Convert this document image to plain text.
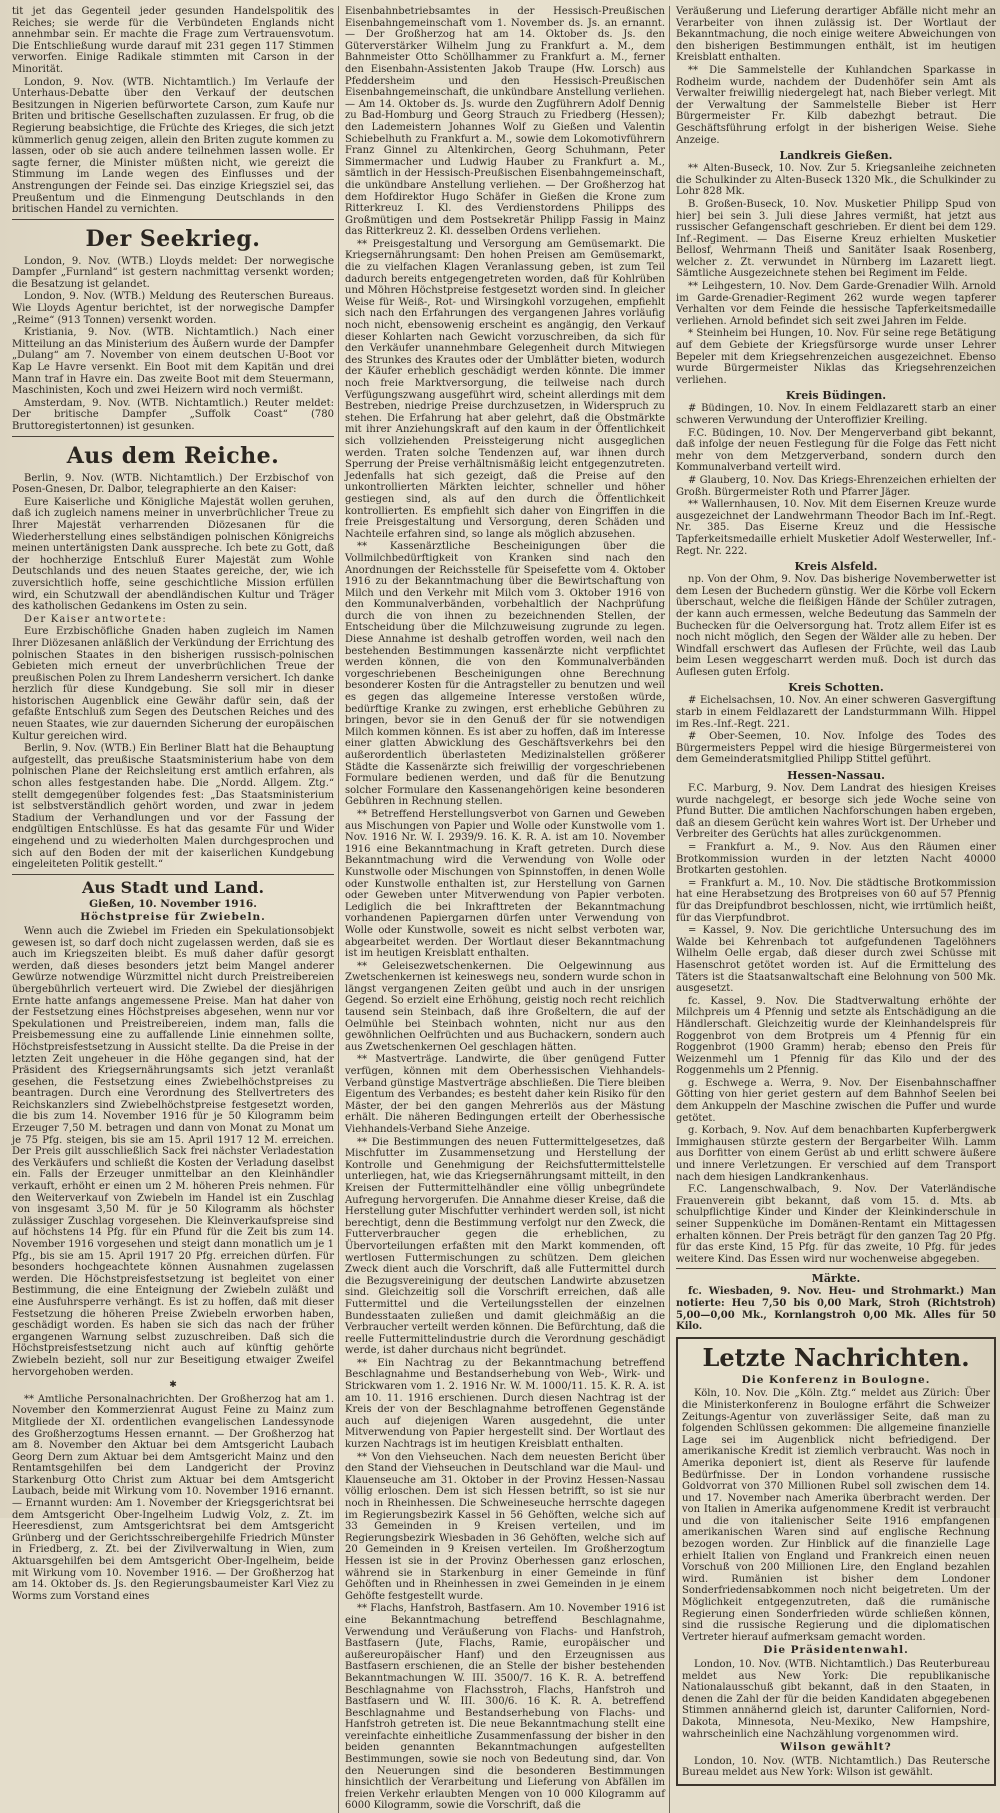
tit jet das Gegenteil jeder gesunden Handelspolitik des Reiches; sie werde für die Verbündeten Englands nicht annehmbar sein. Er machte die Frage zum Vertrauensvotum. Die Entschließung wurde darauf mit 231 gegen 117 Stimmen verworfen. Einige Radikale stimmten mit Carson in der Minorität.

London, 9. Nov. (WTB. Nichtamtlich.) Im Verlaufe der Unterhaus-Debatte über den Verkauf der deutschen Besitzungen in Nigerien befürwortete Carson, zum Kaufe nur Briten und britische Gesellschaften zuzulassen. Er frug, ob die Regierung beabsichtige, die Früchte des Krieges, die sich jetzt kümmerlich genug zeigen, allein den Briten zugute kommen zu lassen, oder ob sie auch andere teilnehmen lassen wolle. Er sagte ferner, die Minister müßten nicht, wie gereizt die Stimmung im Lande wegen des Einflusses und der Anstrengungen der Feinde sei. Das einzige Kriegsziel sei, das Preußentum und die Einmengung Deutschlands in den britischen Handel zu vernichten.

Der Seekrieg.

London, 9. Nov. (WTB.) Lloyds meldet: Der norwegische Dampfer „Furnland“ ist gestern nachmittag versenkt worden; die Besatzung ist gelandet.

London, 9. Nov. (WTB.) Meldung des Reuterschen Bureaus. Wie Lloyds Agentur berichtet, ist der norwegische Dampfer „Reime“ (913 Tonnen) versenkt worden.

Kristiania, 9. Nov. (WTB. Nichtamtlich.) Nach einer Mitteilung an das Ministerium des Äußern wurde der Dampfer „Dulang“ am 7. November von einem deutschen U-Boot vor Kap Le Havre versenkt. Ein Boot mit dem Kapitän und drei Mann traf in Havre ein. Das zweite Boot mit dem Steuermann, Maschinisten, Koch und zwei Heizern wird noch vermißt.

Amsterdam, 9. Nov. (WTB. Nichtamtlich.) Reuter meldet: Der britische Dampfer „Suffolk Coast“ (780 Bruttoregistertonnen) ist gesunken.

Aus dem Reiche.

Berlin, 9. Nov. (WTB. Nichtamtlich.) Der Erzbischof von Posen-Gnesen, Dr. Dalbor, telegraphierte an den Kaiser:

Eure Kaiserliche und Königliche Majestät wollen geruhen, daß ich zugleich namens meiner in unverbrüchlicher Treue zu Ihrer Majestät verharrenden Diözesanen für die Wiederherstellung eines selbständigen polnischen Königreichs meinen untertänigsten Dank ausspreche. Ich bete zu Gott, daß der hochherzige Entschluß Eurer Majestät zum Wohle Deutschlands und des neuen Staates gereiche, der, wie ich zuversichtlich hoffe, seine geschichtliche Mission erfüllen wird, ein Schutzwall der abendländischen Kultur und Träger des katholischen Gedankens im Osten zu sein.

Der Kaiser antwortete:

Eure Erzbischöfliche Gnaden haben zugleich im Namen Ihrer Diözesanen anläßlich der Verkündung der Errichtung des polnischen Staates in den bisherigen russisch-polnischen Gebieten mich erneut der unverbrüchlichen Treue der preußischen Polen zu Ihrem Landesherrn versichert. Ich danke herzlich für diese Kundgebung. Sie soll mir in dieser historischen Augenblick eine Gewähr dafür sein, daß der gefaßte Entschluß zum Segen des Deutschen Reiches und des neuen Staates, wie zur dauernden Sicherung der europäischen Kultur gereichen wird.

Berlin, 9. Nov. (WTB.) Ein Berliner Blatt hat die Behauptung aufgestellt, das preußische Staatsministerium habe von dem polnischen Plane der Reichsleitung erst amtlich erfahren, als schon alles festgestanden habe. Die „Nordd. Allgem. Ztg.“ stellt demgegenüber folgendes fest: „Das Staatsministerium ist selbstverständlich gehört worden, und zwar in jedem Stadium der Verhandlungen und vor der Fassung der endgültigen Entschlüsse. Es hat das gesamte Für und Wider eingehend und zu wiederholten Malen durchgesprochen und sich auf den Boden der mit der kaiserlichen Kundgebung eingeleiteten Politik gestellt.“

Aus Stadt und Land.
Gießen, 10. November 1916.
Höchstpreise für Zwiebeln.

Wenn auch die Zwiebel im Frieden ein Spekulationsobjekt gewesen ist, so darf doch nicht zugelassen werden, daß sie es auch im Kriegszeiten bleibt. Es muß daher dafür gesorgt werden, daß dieses besonders jetzt beim Mangel anderer Gewürze notwendige Würzmittel nicht durch Preistreibereien übergebührlich verteuert wird. Die Zwiebel der diesjährigen Ernte hatte anfangs angemessene Preise. Man hat daher von der Festsetzung eines Höchstpreises abgesehen, wenn nur vor Spekulationen und Preistreibereien, indem man, falls die Preisbemessung eine zu auffallende Linie einnehmen sollte, Höchstpreisfestsetzung in Aussicht stellte. Da die Preise in der letzten Zeit ungeheuer in die Höhe gegangen sind, hat der Präsident des Kriegsernährungsamts sich jetzt veranlaßt gesehen, die Festsetzung eines Zwiebelhöchstpreises zu beantragen. Durch eine Verordnung des Stellvertreters des Reichskanzlers sind Zwiebelhöchstpreise festgesetzt worden, die bis zum 14. November 1916 für je 50 Kilogramm beim Erzeuger 7,50 M. betragen und dann von Monat zu Monat um je 75 Pfg. steigen, bis sie am 15. April 1917 12 M. erreichen. Der Preis gilt ausschließlich Sack frei nächster Verladestation des Verkäufers und schließt die Kosten der Verladung daselbst ein. Falls der Erzeuger unmittelbar an den Kleinhändler verkauft, erhöht er einen um 2 M. höheren Preis nehmen. Für den Weiterverkauf von Zwiebeln im Handel ist ein Zuschlag von insgesamt 3,50 M. für je 50 Kilogramm als höchster zulässiger Zuschlag vorgesehen. Die Kleinverkaufspreise sind auf höchstens 14 Pfg. für ein Pfund für die Zeit bis zum 14. November 1916 vorgesehen und steigt dann monatlich um je 1 Pfg., bis sie am 15. April 1917 20 Pfg. erreichen dürfen. Für besonders hochgeachtete können Ausnahmen zugelassen werden. Die Höchstpreisfestsetzung ist begleitet von einer Bestimmung, die eine Enteignung der Zwiebeln zuläßt und eine Ausfuhrsperre verhängt. Es ist zu hoffen, daß mit dieser Festsetzung die höheren Preise Zwiebeln erworben haben, geschädigt worden. Es haben sie sich das nach der früher ergangenen Warnung selbst zuzuschreiben. Daß sich die Höchstpreisfestsetzung nicht auch auf künftig gehörte Zwiebeln bezieht, soll nur zur Beseitigung etwaiger Zweifel hervorgehoben werden.

✱

** Amtliche Personalnachrichten. Der Großherzog hat am 1. November den Kommerzienrat August Feine zu Mainz zum Mitgliede der XI. ordentlichen evangelischen Landessynode des Großherzogtums Hessen ernannt. — Der Großherzog hat am 8. November den Aktuar bei dem Amtsgericht Laubach Georg Dern zum Aktuar bei dem Amtsgericht Mainz und den Rentamtsgehilfen bei dem Landgericht der Provinz Starkenburg Otto Christ zum Aktuar bei dem Amtsgericht Laubach, beide mit Wirkung vom 10. November 1916 ernannt. — Ernannt wurden: Am 1. November der Kriegsgerichtsrat bei dem Amtsgericht Ober-Ingelheim Ludwig Volz, z. Zt. im Heeresdienst, zum Amtsgerichtsrat bei dem Amtsgericht Grünberg und der Gerichtsschreibergehilfe Friedrich Münster in Friedberg, z. Zt. bei der Zivilverwaltung in Wien, zum Aktuarsgehilfen bei dem Amtsgericht Ober-Ingelheim, beide mit Wirkung vom 10. November 1916. — Der Großherzog hat am 14. Oktober ds. Js. den Regierungsbaumeister Karl Viez zu Worms zum Vorstand eines

Eisenbahnbetriebsamtes in der Hessisch-Preußischen Eisenbahngemeinschaft vom 1. November ds. Js. an ernannt. — Der Großherzog hat am 14. Oktober ds. Js. den Güterverstärker Wilhelm Jung zu Frankfurt a. M., dem Bahnmeister Otto Schöllhammer zu Frankfurt a. M., ferner den Eisenbahn-Assistenten Jakob Traupe (Hw. Lorsch) aus Pfeddersheim und den Hessisch-Preußischen Eisenbahngemeinschaft, die unkündbare Anstellung verliehen. — Am 14. Oktober ds. Js. wurde den Zugführern Adolf Dennig zu Bad-Homburg und Georg Strauch zu Friedberg (Hessen); den Lademeistern Johannes Wolf zu Gießen und Valentin Schiebelhuth zu Frankfurt a. M., sowie dem Lokomotivführern Franz Ginnel zu Altenkirchen, Georg Schuhmann, Peter Simmermacher und Ludwig Hauber zu Frankfurt a. M., sämtlich in der Hessisch-Preußischen Eisenbahngemeinschaft, die unkündbare Anstellung verliehen. — Der Großherzog hat dem Hofdirektor Hugo Schäfer in Gießen die Krone zum Ritterkreuz I. Kl. des Verdienstordens Philipps des Großmütigen und dem Postsekretär Philipp Fassig in Mainz das Ritterkreuz 2. Kl. desselben Ordens verliehen.

** Preisgestaltung und Versorgung am Gemüsemarkt. Die Kriegsernährungsamt: Den hohen Preisen am Gemüsemarkt, die zu vielfachen Klagen Veranlassung geben, ist zum Teil dadurch bereits entgegengetreten worden, daß für Kohlrüben und Möhren Höchstpreise festgesetzt worden sind. In gleicher Weise für Weiß-, Rot- und Wirsingkohl vorzugehen, empfiehlt sich nach den Erfahrungen des vergangenen Jahres vorläufig noch nicht, ebensowenig erscheint es angängig, den Verkauf dieser Kohlarten nach Gewicht vorzuschreiben, da sich für den Verkäufer unannehmbare Gelegenheit durch Mitwiegen des Strunkes des Krautes oder der Umblätter bieten, wodurch der Käufer erheblich geschädigt werden könnte. Die immer noch freie Marktversorgung, die teilweise nach durch Verfügungszwang ausgeführt wird, scheint allerdings mit dem Bestreben, niedrige Preise durchzusetzen, in Widerspruch zu stehen. Die Erfahrung hat aber gelehrt, daß die Obstmärkte mit ihrer Anziehungskraft auf den kaum in der Öffentlichkeit sich vollziehenden Preissteigerung nicht ausgeglichen werden. Traten solche Tendenzen auf, war ihnen durch Sperrung der Preise verhältnismäßig leicht entgegenzutreten. Jedenfalls hat sich gezeigt, daß die Preise auf den unkontrollierten Märkten leichter, schneller und höher gestiegen sind, als auf den durch die Öffentlichkeit kontrollierten. Es empfiehlt sich daher von Eingriffen in die freie Preisgestaltung und Versorgung, deren Schäden und Nachteile erfahren sind, so lange als möglich abzusehen.

** Kassenärztliche Bescheinigungen über die Vollmilchbedürftigkeit von Kranken sind nach den Anordnungen der Reichsstelle für Speisefette vom 4. Oktober 1916 zu der Bekanntmachung über die Bewirtschaftung von Milch und den Verkehr mit Milch vom 3. Oktober 1916 von den Kommunalverbänden, vorbehaltlich der Nachprüfung durch die von ihnen zu bezeichnenden Stellen, der Entscheidung über die Milchzuweisung zugrunde zu legen. Diese Annahme ist deshalb getroffen worden, weil nach den bestehenden Bestimmungen kassenärzte nicht verpflichtet werden können, die von den Kommunalverbänden vorgeschriebenen Bescheinigungen ohne Berechnung besonderer Kosten für die Antragsteller zu benutzen und weil es gegen das allgemeine Interesse verstoßen würde, bedürftige Kranke zu zwingen, erst erhebliche Gebühren zu bringen, bevor sie in den Genuß der für sie notwendigen Milch kommen können. Es ist aber zu hoffen, daß im Interesse einer glatten Abwicklung des Geschäftsverkehrs bei den außerordentlich überlasteten Medizinalstellen größerer Städte die Kassenärzte sich freiwillig der vorgeschriebenen Formulare bedienen werden, und daß für die Benutzung solcher Formulare den Kassenangehörigen keine besonderen Gebühren in Rechnung stellen.

** Betreffend Herstellungsverbot von Garnen und Geweben aus Mischungen von Papier und Wolle oder Kunstwolle vom 1. Nov. 1916 Nr. W. I. 2939/9. 16. K. R. A. ist am 10. November 1916 eine Bekanntmachung in Kraft getreten. Durch diese Bekanntmachung wird die Verwendung von Wolle oder Kunstwolle oder Mischungen von Spinnstoffen, in denen Wolle oder Kunstwolle enthalten ist, zur Herstellung von Garnen oder Geweben unter Mitverwendung von Papier verboten. Lediglich die bei Inkrafttreten der Bekanntmachung vorhandenen Papiergarnen dürfen unter Verwendung von Wolle oder Kunstwolle, soweit es nicht selbst verboten war, abgearbeitet werden. Der Wortlaut dieser Bekanntmachung ist im heutigen Kreisblatt enthalten.

** Geleisezwetschenkernen. Die Oelgewinnung aus Zwetschenkernen ist keineswegs neu, sondern wurde schon in längst vergangenen Zeiten geübt und auch in der unsrigen Gegend. So erzielt eine Erhöhung, geistig noch recht reichlich tausend sein Steinbach, daß ihre Großeltern, die auf der Oelmühle bei Steinbach wohnten, nicht nur aus den gewöhnlichen Oelfrüchten und aus Buchackern, sondern auch aus Zwetschenkernen Oel geschlagen hätten.

** Mastverträge. Landwirte, die über genügend Futter verfügen, können mit dem Oberhessischen Viehhandels-Verband günstige Mastverträge abschließen. Die Tiere bleiben Eigentum des Verbandes; es besteht daher kein Risiko für den Mäster, der bei den gangen Mehrerlös aus der Mästung erhält. Die näheren Bedingungen erteilt der Oberhessische Viehhandels-Verband Siehe Anzeige.

** Die Bestimmungen des neuen Futtermittelgesetzes, daß Mischfutter im Zusammensetzung und Herstellung der Kontrolle und Genehmigung der Reichsfuttermittelstelle unterliegen, hat, wie das Kriegsernährungsamt mitteilt, in den Kreisen der Futtermittelhändler eine völlig unbegründete Aufregung hervorgerufen. Die Annahme dieser Kreise, daß die Herstellung guter Mischfutter verhindert werden soll, ist nicht berechtigt, denn die Bestimmung verfolgt nur den Zweck, die Futterverbraucher gegen die erheblichen, zu Übervorteilungen erfaßten mit den Markt kommenden, oft wertlosen Futtermischungen zu schützen. Dem gleichen Zweck dient auch die Vorschrift, daß alle Futtermittel durch die Bezugsvereinigung der deutschen Landwirte abzusetzen sind. Gleichzeitig soll die Vorschrift erreichen, daß alle Futtermittel und die Verteilungsstellen der einzelnen Bundesstaaten zuließen und damit gleichmäßig an die Verbraucher verteilt werden können. Die Befürchtung, daß die reelle Futtermittelindustrie durch die Verordnung geschädigt werde, ist daher durchaus nicht begründet.

** Ein Nachtrag zu der Bekanntmachung betreffend Beschlagnahme und Bestandserhebung von Web-, Wirk- und Strickwaren vom 1. 2. 1916 Nr. W. M. 1000/11. 15. K. R. A. ist am 10. 11. 1916 erschienen. Durch diesen Nachtrag ist der Kreis der von der Beschlagnahme betroffenen Gegenstände auch auf diejenigen Waren ausgedehnt, die unter Mitverwendung von Papier hergestellt sind. Der Wortlaut des kurzen Nachtrags ist im heutigen Kreisblatt enthalten.

** Von den Viehseuchen. Nach dem neuesten Bericht über den Stand der Viehseuchen in Deutschland war die Maul- und Klauenseuche am 31. Oktober in der Provinz Hessen-Nassau völlig erloschen. Dem ist sich Hessen betrifft, so ist sie nur noch in Rheinhessen. Die Schweineseuche herrschte dagegen im Regierungsbezirk Kassel in 56 Gehöften, welche sich auf 33 Gemeinden in 9 Kreisen verteilen, und im Regierungsbezirk Wiesbaden in 36 Gehöften, welche sich auf 20 Gemeinden in 9 Kreisen verteilen. Im Großherzogtum Hessen ist sie in der Provinz Oberhessen ganz erloschen, während sie in Starkenburg in einer Gemeinde in fünf Gehöften und in Rheinhessen in zwei Gemeinden in je einem Gehöfte festgestellt wurde.

** Flachs, Hanfstroh, Bastfasern. Am 10. November 1916 ist eine Bekanntmachung betreffend Beschlagnahme, Verwendung und Veräußerung von Flachs- und Hanfstroh, Bastfasern (Jute, Flachs, Ramie, europäischer und außereuropäischer Hanf) und den Erzeugnissen aus Bastfasern erschienen, die an Stelle der bisher bestehenden Bekanntmachungen W. III. 3500/7. 16 K. R. A. betreffend Beschlagnahme von Flachsstroh, Flachs, Hanfstroh und Bastfasern und W. III. 300/6. 16 K. R. A. betreffend Beschlagnahme und Bestandserhebung von Flachs- und Hanfstroh getreten ist. Die neue Bekanntmachung stellt eine vereinfachte einheitliche Zusammenfassung der bisher in den beiden genannten Bekanntmachungen aufgestellten Bestimmungen, sowie sie noch von Bedeutung sind, dar. Von den Neuerungen sind die besonderen Bestimmungen hinsichtlich der Verarbeitung und Lieferung von Abfällen im freien Verkehr erlaubten Mengen von 10 000 Kilogramm auf 6000 Kilogramm, sowie die Vorschrift, daß die

Veräußerung und Lieferung derartiger Abfälle nicht mehr an Verarbeiter von ihnen zulässig ist. Der Wortlaut der Bekanntmachung, die noch einige weitere Abweichungen von den bisherigen Bestimmungen enthält, ist im heutigen Kreisblatt enthalten.

** Die Sammelstelle der Kuhlandchen Sparkasse in Rodheim wurde, nachdem der Dudenhöfer sein Amt als Verwalter freiwillig niedergelegt hat, nach Bieber verlegt. Mit der Verwaltung der Sammelstelle Bieber ist Herr Bürgermeister Fr. Kilb dabezhgt betraut. Die Geschäftsführung erfolgt in der bisherigen Weise. Siehe Anzeige.

Landkreis Gießen.

** Alten-Buseck, 10. Nov. Zur 5. Kriegsanleihe zeichneten die Schulkinder zu Alten-Buseck 1320 Mk., die Schulkinder zu Lohr 828 Mk.

B. Großen-Buseck, 10. Nov. Musketier Philipp Spud von hier] bei sein 3. Juli diese Jahres vermißt, hat jetzt aus russischer Gefangenschaft geschrieben. Er dient bei dem 129. Inf.-Regiment. — Das Eiserne Kreuz erhielten Musketier Bellosf, Wehrmann Theiß und Sanitäter Isaak Rosenberg, welcher z. Zt. verwundet in Nürnberg im Lazarett liegt. Sämtliche Ausgezeichnete stehen bei Regiment im Felde.

** Leihgestern, 10. Nov. Dem Garde-Grenadier Wilh. Arnold im Garde-Grenadier-Regiment 262 wurde wegen tapferer Verhalten vor dem Feinde die hessische Tapferkeitsmedaille verliehen. Arnold befindet sich seit zwei Jahren im Felde.

* Steinheim bei Hungen, 10. Nov. Für seine rege Betätigung auf dem Gebiete der Kriegsfürsorge wurde unser Lehrer Bepeler mit dem Kriegsehrenzeichen ausgezeichnet. Ebenso wurde Bürgermeister Niklas das Kriegsehrenzeichen verliehen.

Kreis Büdingen.

# Büdingen, 10. Nov. In einem Feldlazarett starb an einer schweren Verwundung der Unteroffizier Kreiling.

F.C. Büdingen, 10. Nov. Der Mengerverband gibt bekannt, daß infolge der neuen Festlegung für die Folge das Fett nicht mehr von dem Metzgerverband, sondern durch den Kommunalverband verteilt wird.

# Glauberg, 10. Nov. Das Kriegs-Ehrenzeichen erhielten der Großh. Bürgermeister Roth und Pfarrer Jäger.

** Wallernhausen, 10. Nov. Mit dem Eisernen Kreuze wurde ausgezeichnet der Landwehrmann Theodor Bach im Inf.-Regt. Nr. 385. Das Eiserne Kreuz und die Hessische Tapferkeitsmedaille erhielt Musketier Adolf Westerweller, Inf.-Regt. Nr. 222.

Kreis Alsfeld.

np. Von der Ohm, 9. Nov. Das bisherige Novemberwetter ist dem Lesen der Buchedern günstig. Wer die Körbe voll Eckern überschaut, welche die fleißigen Hände der Schüler zutragen, der kann auch ermessen, welche Bedeutung das Sammeln der Buchecken für die Oelversorgung hat. Trotz allem Eifer ist es noch nicht möglich, den Segen der Wälder alle zu heben. Der Windfall erschwert das Auflesen der Früchte, weil das Laub beim Lesen weggescharrt werden muß. Doch ist durch das Auflesen guten Erfolg.

Kreis Schotten.

# Eichelsachsen, 10. Nov. An einer schweren Gasvergiftung starb in einem Feldlazarett der Landsturmmann Wilh. Hippel im Res.-Inf.-Regt. 221.

# Ober-Seemen, 10. Nov. Infolge des Todes des Bürgermeisters Peppel wird die hiesige Bürgermeisterei von dem Gemeinderatsmitglied Philipp Stittel geführt.

Hessen-Nassau.

F.C. Marburg, 9. Nov. Dem Landrat des hiesigen Kreises wurde nachgelegt, er besorge sich jede Woche seine von Pfund Butter. Die amtlichen Nachforschungen haben ergeben, daß an diesem Gerücht kein wahres Wort ist. Der Urheber und Verbreiter des Gerüchts hat alles zurückgenommen.

= Frankfurt a. M., 9. Nov. Aus den Räumen einer Brotkommission wurden in der letzten Nacht 40000 Brotkarten gestohlen.

= Frankfurt a. M., 10. Nov. Die städtische Brotkommission hat eine Herabsetzung des Brotpreises von 60 auf 57 Pfennig für das Dreipfundbrot beschlossen, nicht, wie irrtümlich heißt, für das Vierpfundbrot.

= Kassel, 9. Nov. Die gerichtliche Untersuchung des im Walde bei Kehrenbach tot aufgefundenen Tagelöhners Wilhelm Oelle ergab, daß dieser durch zwei Schüsse mit Hasenschrot getötet worden ist. Auf die Ermittelung des Täters ist die Staatsanwaltschaft eine Belohnung von 500 Mk. ausgesetzt.

fc. Kassel, 9. Nov. Die Stadtverwaltung erhöhte der Milchpreis um 4 Pfennig und setzte als Entschädigung an die Händlerschaft. Gleichzeitig wurde der Kleinhandelspreis für Roggenbrot von dem Brotpreis um 4 Pfennig für ein Roggenbrot (1900 Gramm) herab; ebenso den Preis für Weizenmehl um 1 Pfennig für das Kilo und der des Roggenmehls um 2 Pfennig.

g. Eschwege a. Werra, 9. Nov. Der Eisenbahnschaffner Götting von hier geriet gestern auf dem Bahnhof Seelen bei dem Ankuppeln der Maschine zwischen die Puffer und wurde getötet.

g. Korbach, 9. Nov. Auf dem benachbarten Kupferbergwerk Immighausen stürzte gestern der Bergarbeiter Wilh. Lamm aus Dorfitter von einem Gerüst ab und erlitt schwere äußere und innere Verletzungen. Er verschied auf dem Transport nach dem hiesigen Landkrankenhaus.

F.C. Langenschwalbach, 9. Nov. Der Vaterländische Frauenverein gibt bekannt, daß vom 15. d. Mts. ab schulpflichtige Kinder und Kinder der Kleinkinderschule in seiner Suppenküche im Domänen-Rentamt ein Mittagessen erhalten können. Der Preis beträgt für den ganzen Tag 20 Pfg. für das erste Kind, 15 Pfg. für das zweite, 10 Pfg. für jedes weitere Kind. Das Essen wird nur wochenweise abgegeben.

Märkte.

fc. Wiesbaden, 9. Nov. Heu- und Strohmarkt.) Man notierte: Heu 7,50 bis 0,00 Mark, Stroh (Richtstroh) 5,00—0,00 Mk., Kornlangstroh 0,00 Mk. Alles für 50 Kilo.

Letzte Nachrichten.
Die Konferenz in Boulogne.

Köln, 10. Nov. Die „Köln. Ztg.“ meldet aus Zürich: Über die Ministerkonferenz in Boulogne erfährt die Schweizer Zeitungs-Agentur von zuverlässiger Seite, daß man zu folgenden Schlüssen gekommen: Die allgemeine finanzielle Lage sei im Augenblick nicht befriedigend. Der amerikanische Kredit ist ziemlich verbraucht. Was noch in Amerika deponiert ist, dient als Reserve für laufende Bedürfnisse. Der in London vorhandene russische Goldvorrat von 370 Millionen Rubel soll zwischen dem 14. und 17. November nach Amerika überbracht werden. Der von Italien in Amerika aufgenommene Kredit ist verbraucht und die von italienischer Seite 1916 empfangenen amerikanischen Waren sind auf englische Rechnung bezogen worden. Zur Hinblick auf die finanzielle Lage erhielt Italien von England und Frankreich einen neuen Vorschuß von 200 Millionen Lire, den England bezahlen wird. Rumänien ist bisher dem Londoner Sonderfriedensabkommen noch nicht beigetreten. Um der Möglichkeit entgegenzutreten, daß die rumänische Regierung einen Sonderfrieden würde schließen können, sind die russische Regierung und die diplomatischen Vertreter hierauf aufmerksam gemacht worden.

Die Präsidentenwahl.

London, 10. Nov. (WTB. Nichtamtlich.) Das Reuterbureau meldet aus New York: Die republikanische Nationalausschuß gibt bekannt, daß in den Staaten, in denen die Zahl der für die beiden Kandidaten abgegebenen Stimmen annähernd gleich ist, darunter Californien, Nord-Dakota, Minnesota, Neu-Mexiko, New Hampshire, wahrscheinlich eine Nachzählung vorgenommen wird.

Wilson gewählt?

London, 10. Nov. (WTB. Nichtamtlich.) Das Reutersche Bureau meldet aus New York: Wilson ist gewählt.
